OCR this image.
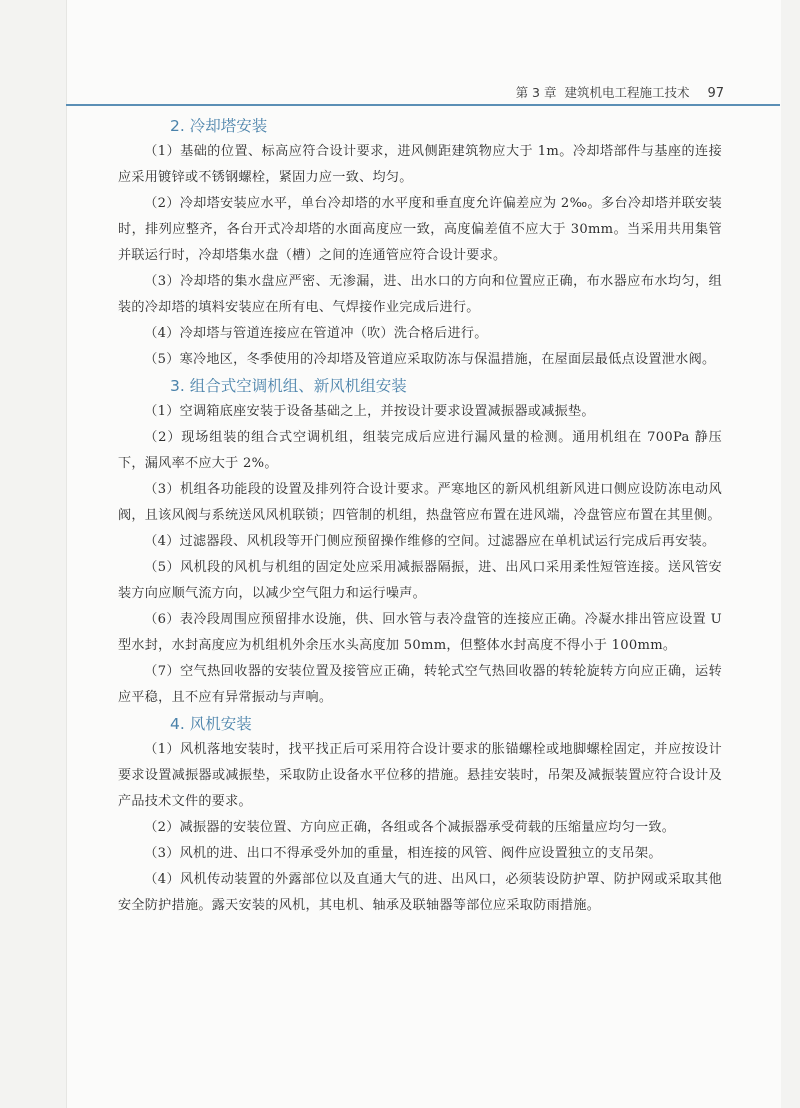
第 3 章 建筑机电工程施工技术 97
2. 冷却塔安装

（1）基础的位置、标高应符合设计要求，进风侧距建筑物应大于 1m。冷却塔部件与基座的连接应采用镀锌或不锈钢螺栓，紧固力应一致、均匀。

（2）冷却塔安装应水平，单台冷却塔的水平度和垂直度允许偏差应为 2‰。多台冷却塔并联安装时，排列应整齐，各台开式冷却塔的水面高度应一致，高度偏差值不应大于 30mm。当采用共用集管并联运行时，冷却塔集水盘（槽）之间的连通管应符合设计要求。

（3）冷却塔的集水盘应严密、无渗漏，进、出水口的方向和位置应正确，布水器应布水均匀，组装的冷却塔的填料安装应在所有电、气焊接作业完成后进行。

（4）冷却塔与管道连接应在管道冲（吹）洗合格后进行。

（5）寒冷地区，冬季使用的冷却塔及管道应采取防冻与保温措施，在屋面层最低点设置泄水阀。

3. 组合式空调机组、新风机组安装

（1）空调箱底座安装于设备基础之上，并按设计要求设置减振器或减振垫。

（2）现场组装的组合式空调机组，组装完成后应进行漏风量的检测。通用机组在 700Pa 静压下，漏风率不应大于 2%。

（3）机组各功能段的设置及排列符合设计要求。严寒地区的新风机组新风进口侧应设防冻电动风阀，且该风阀与系统送风风机联锁；四管制的机组，热盘管应布置在进风端，冷盘管应布置在其里侧。

（4）过滤器段、风机段等开门侧应预留操作维修的空间。过滤器应在单机试运行完成后再安装。

（5）风机段的风机与机组的固定处应采用减振器隔振，进、出风口采用柔性短管连接。送风管安装方向应顺气流方向，以减少空气阻力和运行噪声。

（6）表冷段周围应预留排水设施，供、回水管与表冷盘管的连接应正确。冷凝水排出管应设置 U 型水封，水封高度应为机组机外余压水头高度加 50mm，但整体水封高度不得小于 100mm。

（7）空气热回收器的安装位置及接管应正确，转轮式空气热回收器的转轮旋转方向应正确，运转应平稳，且不应有异常振动与声响。

4. 风机安装

（1）风机落地安装时，找平找正后可采用符合设计要求的胀锚螺栓或地脚螺栓固定，并应按设计要求设置减振器或减振垫，采取防止设备水平位移的措施。悬挂安装时，吊架及减振装置应符合设计及产品技术文件的要求。

（2）减振器的安装位置、方向应正确，各组或各个减振器承受荷载的压缩量应均匀一致。

（3）风机的进、出口不得承受外加的重量，相连接的风管、阀件应设置独立的支吊架。

（4）风机传动装置的外露部位以及直通大气的进、出风口，必须装设防护罩、防护网或采取其他安全防护措施。露天安装的风机，其电机、轴承及联轴器等部位应采取防雨措施。
